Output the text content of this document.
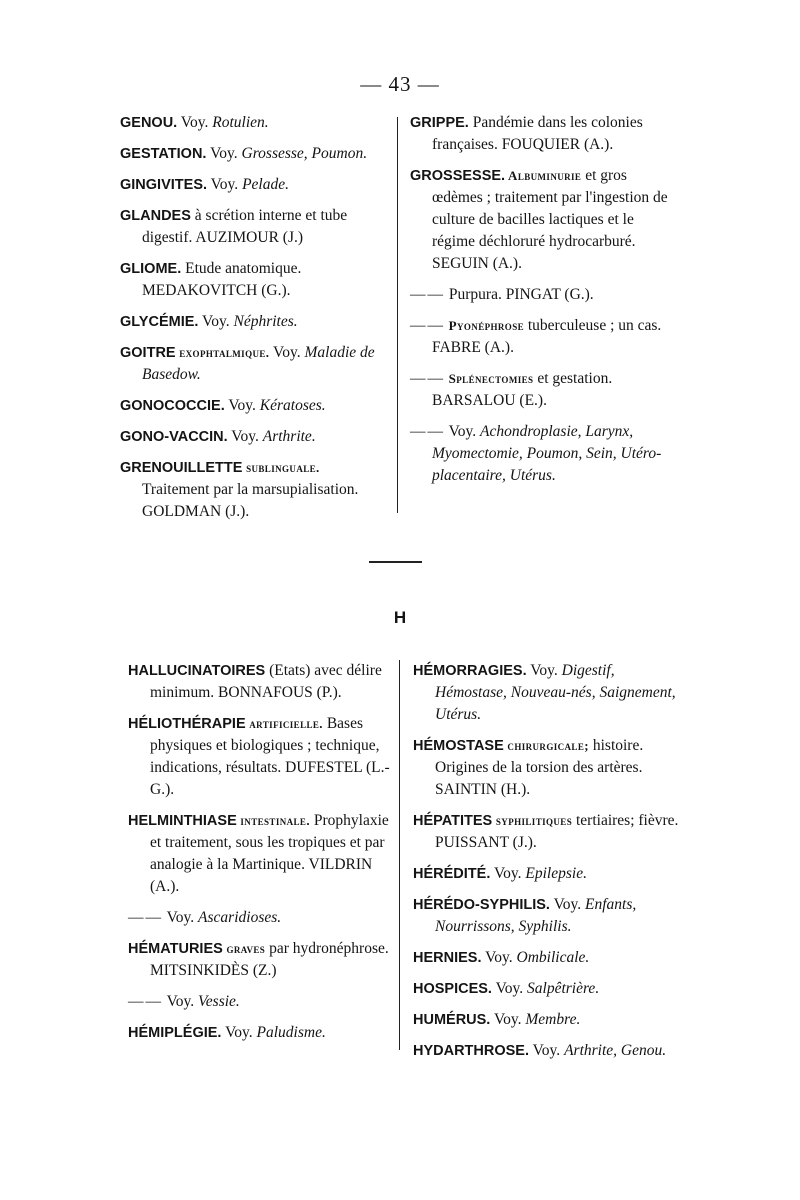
— 43 —

GENOU. Voy. Rotulien.

GESTATION. Voy. Grossesse, Poumon.

GINGIVITES. Voy. Pelade.

GLANDES à scrétion interne et tube digestif. AUZIMOUR (J.)

GLIOME. Etude anatomique. MEDAKOVITCH (G.).

GLYCÉMIE. Voy. Néphrites.

GOITRE exophtalmique. Voy. Maladie de Basedow.

GONOCOCCIE. Voy. Kératoses.

GONO-VACCIN. Voy. Arthrite.

GRENOUILLETTE sublinguale. Traitement par la marsupialisation. GOLDMAN (J.).

GRIPPE. Pandémie dans les colonies françaises. FOUQUIER (A.).

GROSSESSE. Albuminurie et gros œdèmes ; traitement par l'ingestion de culture de bacilles lactiques et le régime déchloruré hydrocarburé. SEGUIN (A.).

—— Purpura. PINGAT (G.).

—— Pyonéphrose tuberculeuse ; un cas. FABRE (A.).

—— Splénectomies et gestation. BARSALOU (E.).

—— Voy. Achondroplasie, Larynx, Myomectomie, Poumon, Sein, Utéro-placentaire, Utérus.

H

HALLUCINATOIRES (Etats) avec délire minimum. BONNAFOUS (P.).

HÉLIOTHÉRAPIE artificielle. Bases physiques et biologiques ; technique, indications, résultats. DUFESTEL (L.-G.).

HELMINTHIASE intestinale. Prophylaxie et traitement, sous les tropiques et par analogie à la Martinique. VILDRIN (A.).

—— Voy. Ascaridioses.

HÉMATURIES graves par hydronéphrose. MITSINKIDÈS (Z.)

—— Voy. Vessie.

HÉMIPLÉGIE. Voy. Paludisme.

HÉMORRAGIES. Voy. Digestif, Hémostase, Nouveau-nés, Saignement, Utérus.

HÉMOSTASE chirurgicale; histoire. Origines de la torsion des artères. SAINTIN (H.).

HÉPATITES syphilitiques tertiaires; fièvre. PUISSANT (J.).

HÉRÉDITÉ. Voy. Epilepsie.

HÉRÉDO-SYPHILIS. Voy. Enfants, Nourrissons, Syphilis.

HERNIES. Voy. Ombilicale.

HOSPICES. Voy. Salpêtrière.

HUMÉRUS. Voy. Membre.

HYDARTHROSE. Voy. Arthrite, Genou.
